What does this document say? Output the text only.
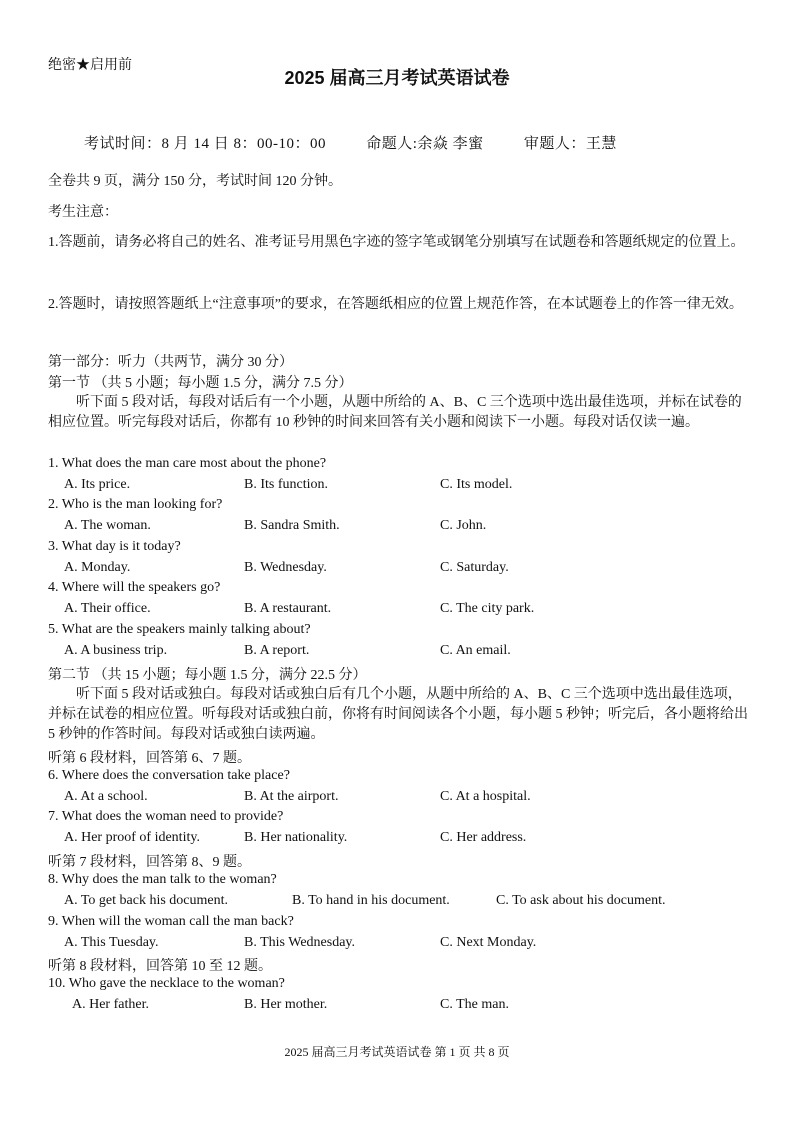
绝密★启用前
2025 届高三月考试英语试卷
考试时间：8 月 14 日 8：00-10：00	命题人:余焱 李蜜	审题人：王慧
全卷共 9 页，满分 150 分，考试时间 120 分钟。
考生注意：
1.答题前，请务必将自己的姓名、准考证号用黑色字迹的签字笔或钢笔分别填写在试题卷和答题纸规定的位置上。
2.答题时，请按照答题纸上“注意事项”的要求，在答题纸相应的位置上规范作答，在本试题卷上的作答一律无效。
第一部分：听力（共两节，满分 30 分）
第一节 （共 5 小题；每小题 1.5 分，满分 7.5 分）
听下面 5 段对话，每段对话后有一个小题，从题中所给的 A、B、C 三个选项中选出最佳选项，并标在试卷的相应位置。听完每段对话后，你都有 10 秒钟的时间来回答有关小题和阅读下一小题。每段对话仅读一遍。
1. What does the man care most about the phone?
A. Its price.	B. Its function.	C. Its model.
2. Who is the man looking for?
A. The woman.	B. Sandra Smith.	C. John.
3. What day is it today?
A. Monday.	B. Wednesday.	C. Saturday.
4. Where will the speakers go?
A. Their office.	B. A restaurant.	C. The city park.
5. What are the speakers mainly talking about?
A. A business trip.	B. A report.	C. An email.
第二节 （共 15 小题；每小题 1.5 分，满分 22.5 分）
听下面 5 段对话或独白。每段对话或独白后有几个小题，从题中所给的 A、B、C 三个选项中选出最佳选项，并标在试卷的相应位置。听每段对话或独白前，你将有时间阅读各个小题，每小题 5 秒钟；听完后，各小题将给出 5 秒钟的作答时间。每段对话或独白读两遍。
听第 6 段材料，回答第 6、7 题。
6. Where does the conversation take place?
A. At a school.	B. At the airport.	C. At a hospital.
7. What does the woman need to provide?
A. Her proof of identity.	B. Her nationality.	C. Her address.
听第 7 段材料，回答第 8、9 题。
8. Why does the man talk to the woman?
A. To get back his document.	B. To hand in his document.	C. To ask about his document.
9. When will the woman call the man back?
A. This Tuesday.	B. This Wednesday.	C. Next Monday.
听第 8 段材料，回答第 10 至 12 题。
10. Who gave the necklace to the woman?
A. Her father.	B. Her mother.	C. The man.
2025 届高三月考试英语试卷 第 1 页 共 8 页
